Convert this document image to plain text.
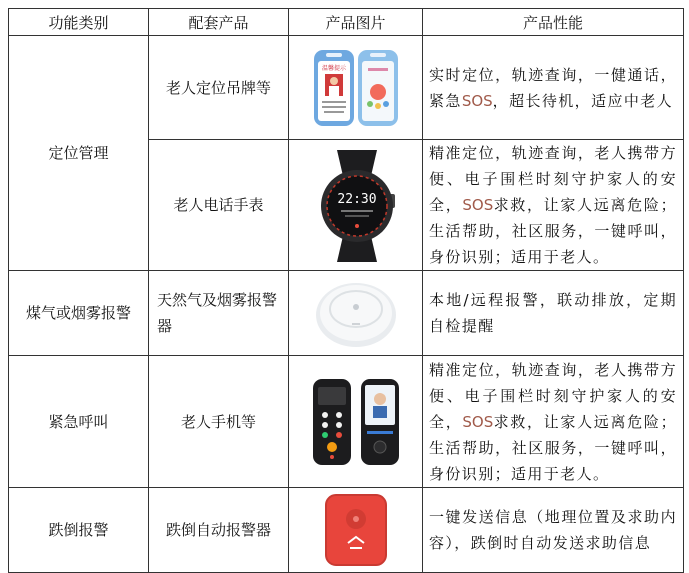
功能类别	配套产品	产品图片	产品性能
定位管理	老人定位吊牌等	温馨提示	实时定位，轨迹查询，一健通话，紧急SOS，超长待机，适应中老人
	老人电话手表	22:30	精准定位，轨迹查询，老人携带方便、电子围栏时刻守护家人的安全，SOS求救，让家人远离危险；生活帮助，社区服务，一键呼叫，身份识别；适用于老人。
煤气或烟雾报警	天然气及烟雾报警器		本地/远程报警，联动排放，定期自检提醒
紧急呼叫	老人手机等		精准定位，轨迹查询，老人携带方便、电子围栏时刻守护家人的安全，SOS求救，让家人远离危险；生活帮助，社区服务，一键呼叫，身份识别；适用于老人。
跌倒报警	跌倒自动报警器		一键发送信息（地理位置及求助内容），跌倒时自动发送求助信息
